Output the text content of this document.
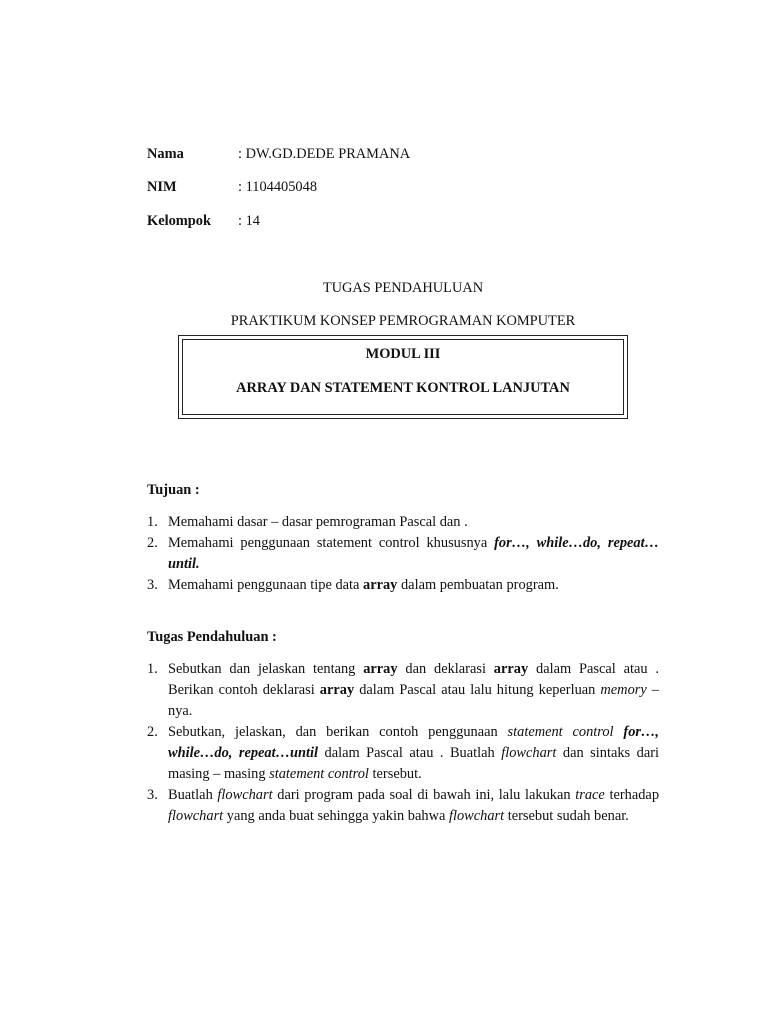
Nama	: DW.GD.DEDE PRAMANA
NIM	: 1104405048
Kelompok : 14
TUGAS PENDAHULUAN
PRAKTIKUM KONSEP PEMROGRAMAN KOMPUTER
MODUL III
ARRAY DAN STATEMENT KONTROL LANJUTAN
Tujuan :
1. Memahami dasar – dasar pemrograman Pascal dan .
2. Memahami penggunaan statement control khususnya for…, while…do, repeat…until.
3. Memahami penggunaan tipe data array dalam pembuatan program.
Tugas Pendahuluan :
1. Sebutkan dan jelaskan tentang array dan deklarasi array dalam Pascal atau . Berikan contoh deklarasi array dalam Pascal atau lalu hitung keperluan memory – nya.
2. Sebutkan, jelaskan, dan berikan contoh penggunaan statement control for…, while…do, repeat…until dalam Pascal atau . Buatlah flowchart dan sintaks dari masing – masing statement control tersebut.
3. Buatlah flowchart dari program pada soal di bawah ini, lalu lakukan trace terhadap flowchart yang anda buat sehingga yakin bahwa flowchart tersebut sudah benar.
